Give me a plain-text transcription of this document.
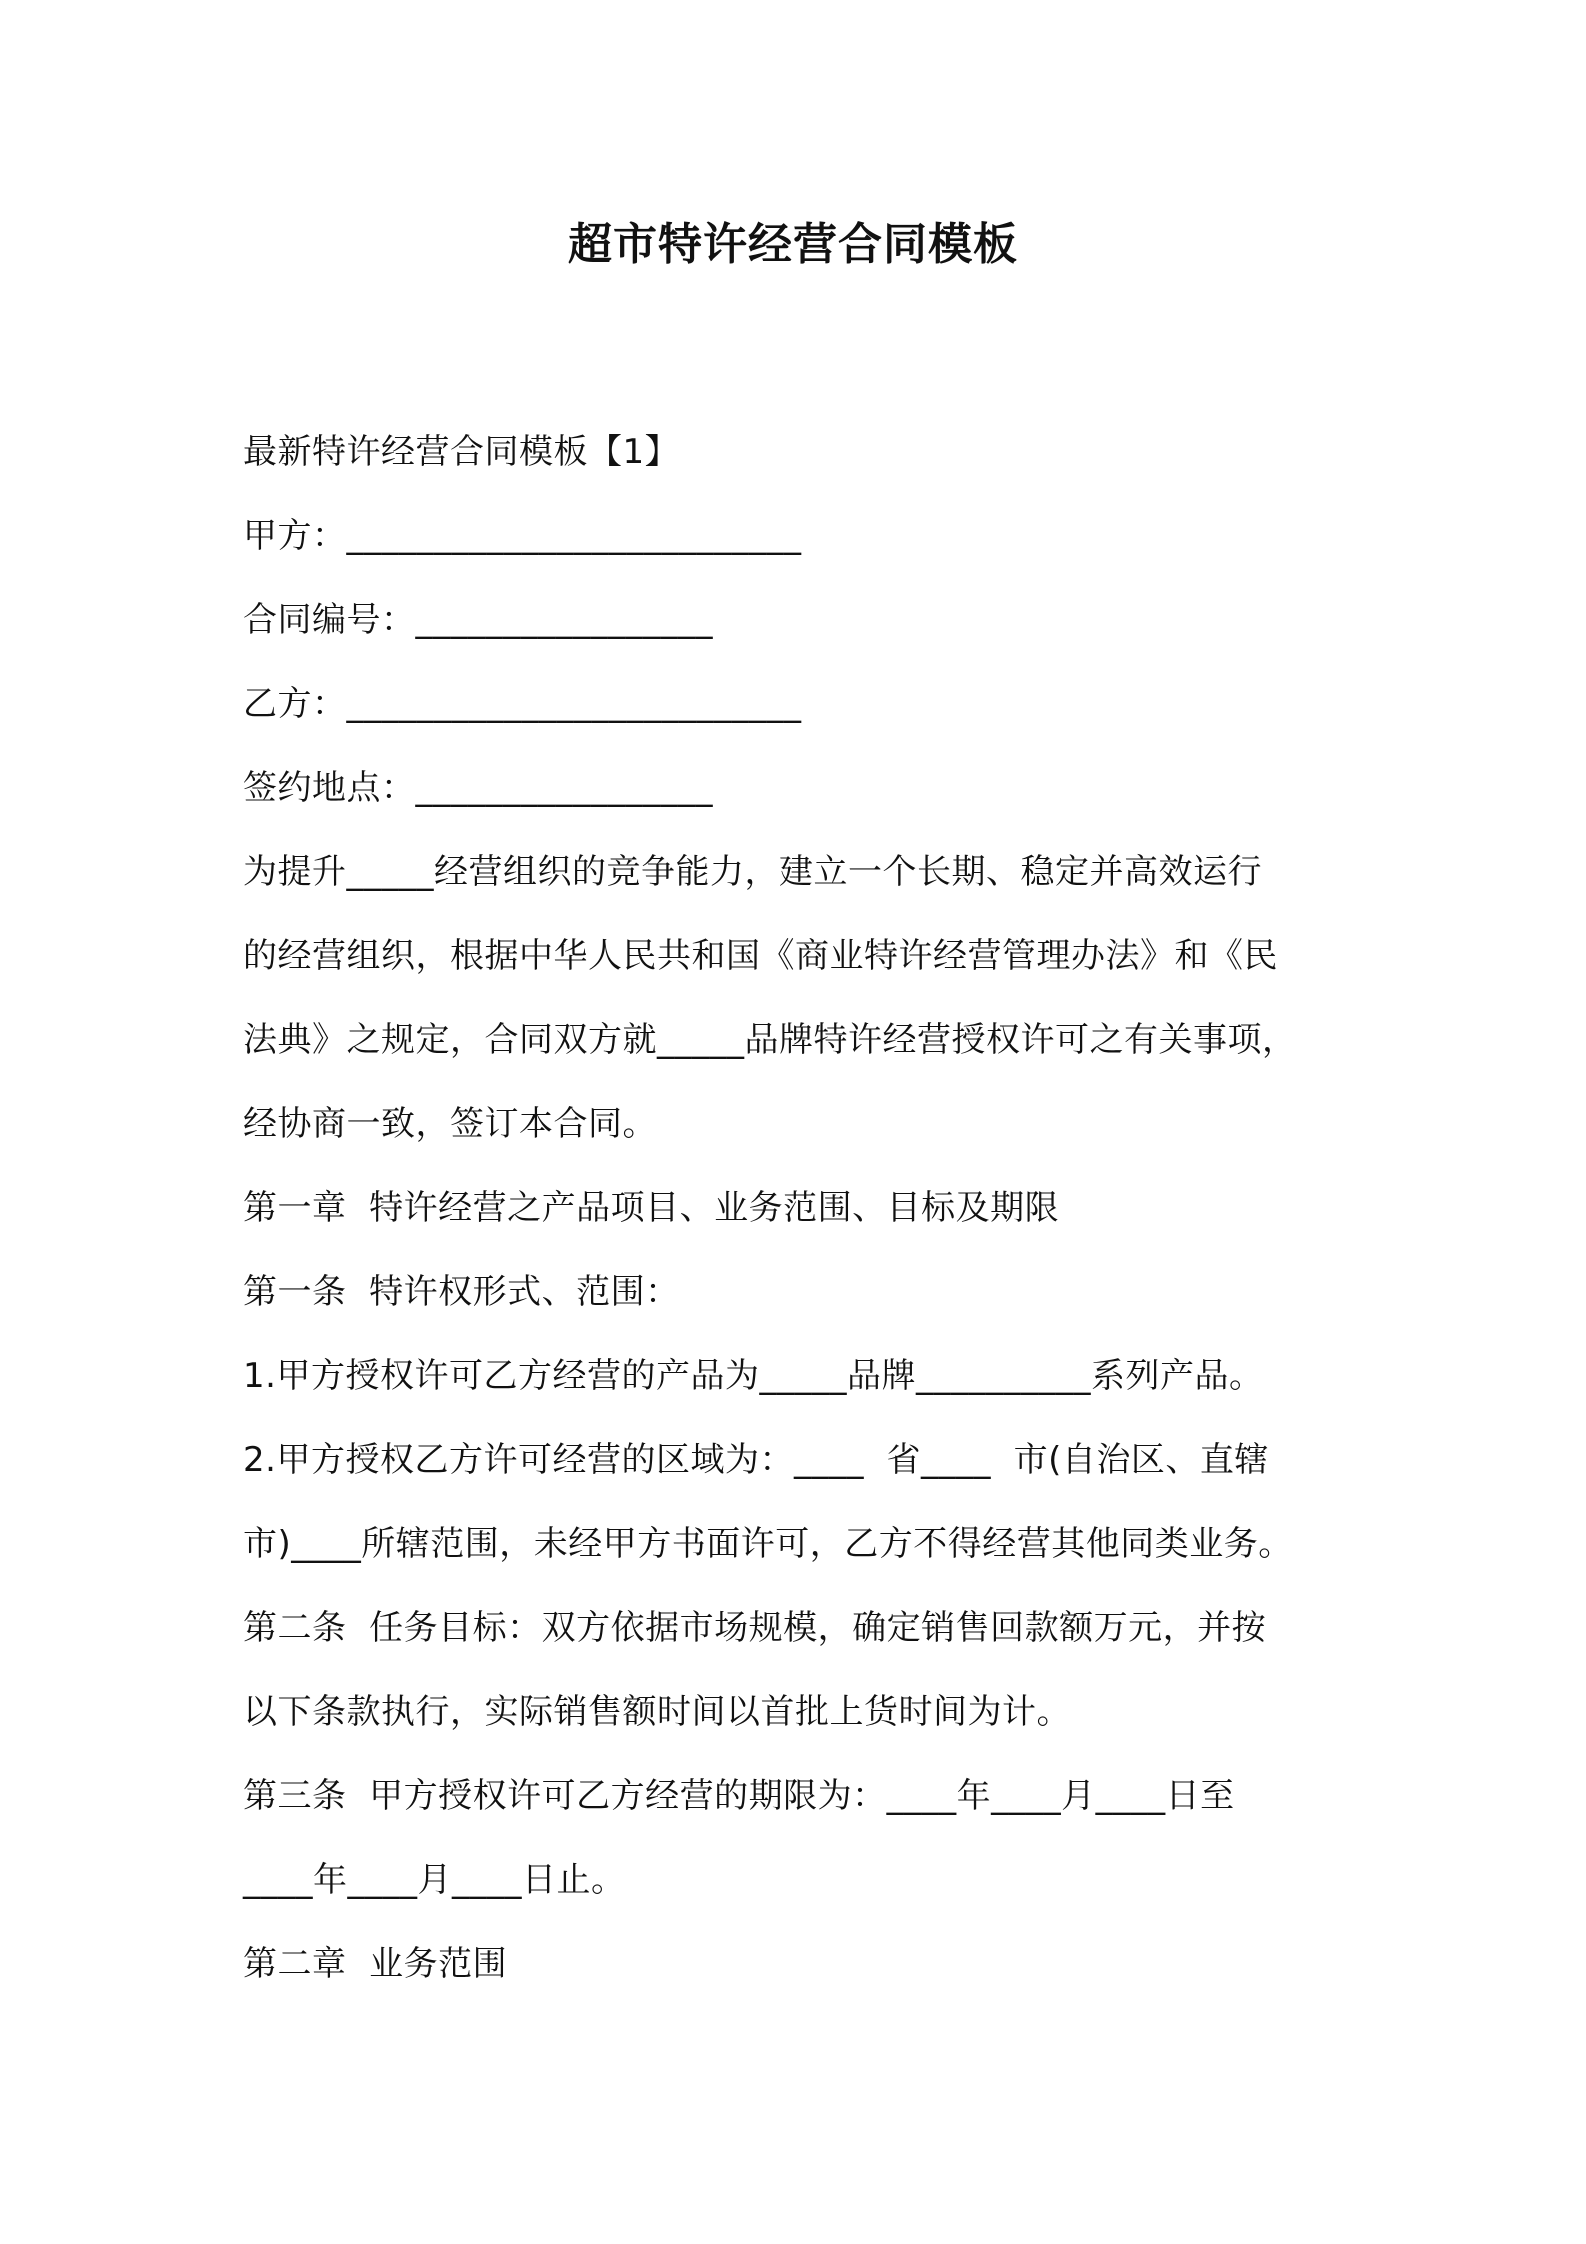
超市特许经营合同模板
最新特许经营合同模板【1】
甲方：__________________________
合同编号：_________________
乙方：__________________________
签约地点：_________________
为提升_____经营组织的竞争能力，建立一个长期、稳定并高效运行
的经营组织，根据中华人民共和国《商业特许经营管理办法》和《民
法典》之规定，合同双方就_____品牌特许经营授权许可之有关事项，
经协商一致，签订本合同。
第一章  特许经营之产品项目、业务范围、目标及期限
第一条  特许权形式、范围：
1.甲方授权许可乙方经营的产品为_____品牌__________系列产品。
2.甲方授权乙方许可经营的区域为：____  省____  市(自治区、直辖
市)____所辖范围，未经甲方书面许可，乙方不得经营其他同类业务。
第二条  任务目标：双方依据市场规模，确定销售回款额万元，并按
以下条款执行，实际销售额时间以首批上货时间为计。
第三条  甲方授权许可乙方经营的期限为：____年____月____日至
____年____月____日止。
第二章  业务范围
